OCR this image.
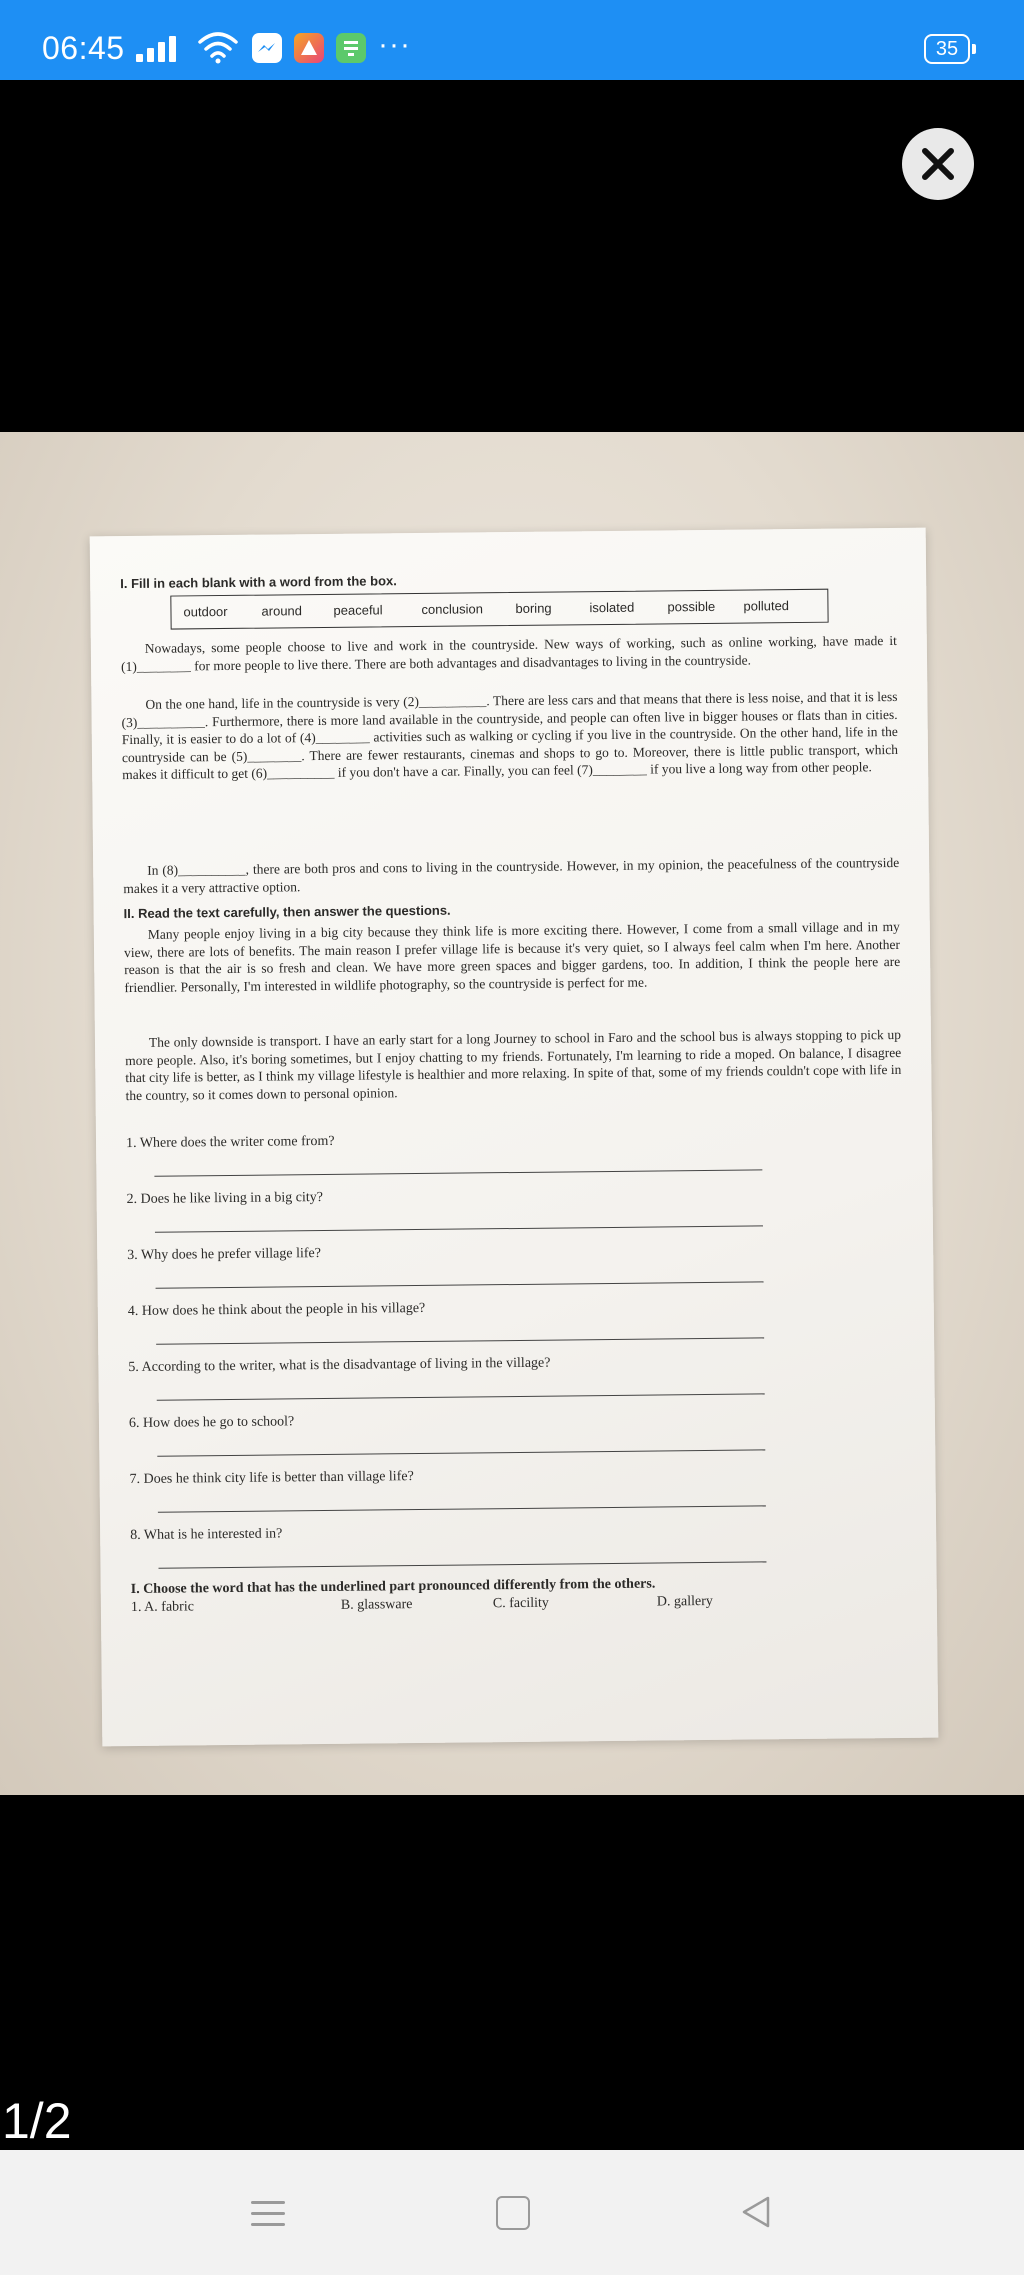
06:45	···	35
I. Fill in each blank with a word from the box.
outdoor	around peaceful	conclusion boring	isolated	possible polluted
Nowadays, some people choose to live and work in the countryside. New ways of working, such as online working, have made it (1)________ for more people to live there. There are both advantages and disadvantages to living in the countryside.
On the one hand, life in the countryside is very (2)__________. There are less cars and that means that there is less noise, and that it is less (3)__________. Furthermore, there is more land available in the countryside, and people can often live in bigger houses or flats than in cities. Finally, it is easier to do a lot of (4)________ activities such as walking or cycling if you live in the countryside. On the other hand, life in the countryside can be (5)________. There are fewer restaurants, cinemas and shops to go to. Moreover, there is little public transport, which makes it difficult to get (6)__________ if you don't have a car. Finally, you can feel (7)________ if you live a long way from other people.
In (8)__________, there are both pros and cons to living in the countryside. However, in my opinion, the peacefulness of the countryside makes it a very attractive option.
II. Read the text carefully, then answer the questions.
Many people enjoy living in a big city because they think life is more exciting there. However, I come from a small village and in my view, there are lots of benefits. The main reason I prefer village life is because it's very quiet, so I always feel calm when I'm here. Another reason is that the air is so fresh and clean. We have more green spaces and bigger gardens, too. In addition, I think the people here are friendlier. Personally, I'm interested in wildlife photography, so the countryside is perfect for me.
The only downside is transport. I have an early start for a long Journey to school in Faro and the school bus is always stopping to pick up more people. Also, it's boring sometimes, but I enjoy chatting to my friends. Fortunately, I'm learning to ride a moped. On balance, I disagree that city life is better, as I think my village lifestyle is healthier and more relaxing. In spite of that, some of my friends couldn't cope with life in the country, so it comes down to personal opinion.
1. Where does the writer come from?
2. Does he like living in a big city?
3. Why does he prefer village life?
4. How does he think about the people in his village?
5. According to the writer, what is the disadvantage of living in the village?
6. How does he go to school?
7. Does he think city life is better than village life?
8. What is he interested in?
I. Choose the word that has the underlined part pronounced differently from the others.
1. A. fabric	B. glassware	C. facility	D. gallery
1/2
